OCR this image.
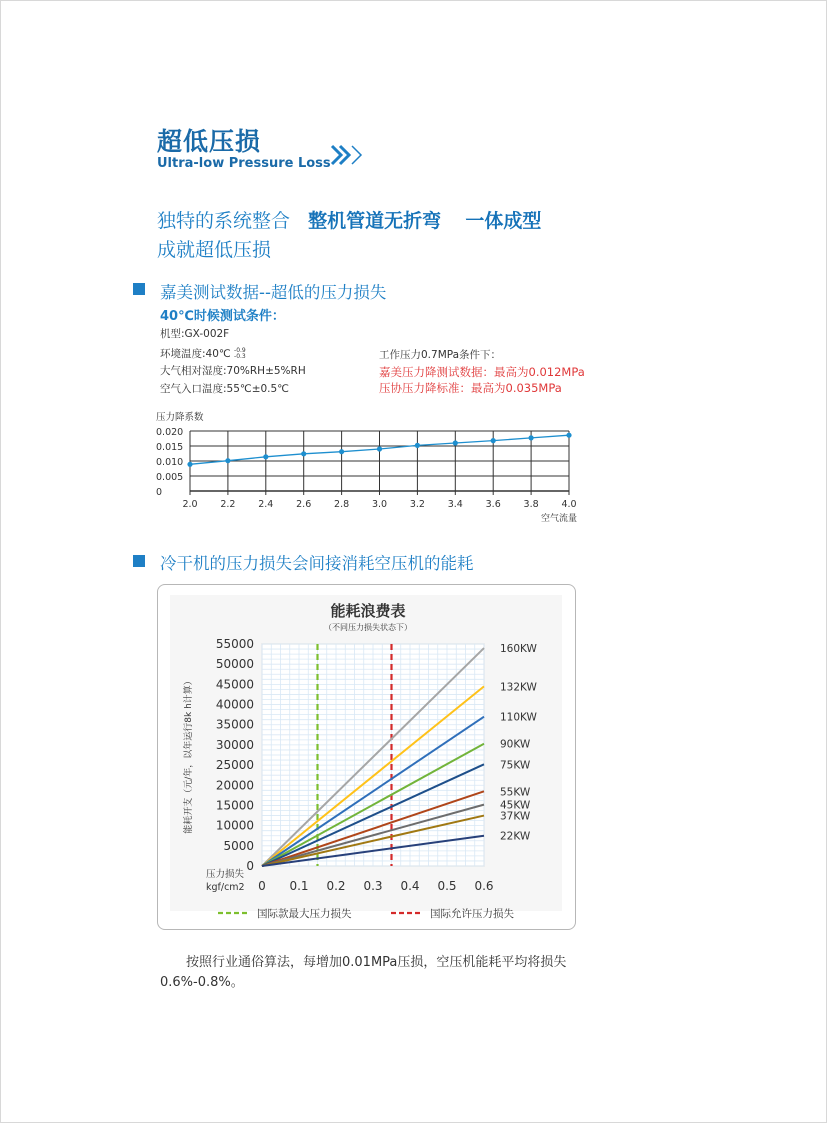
超低压损
Ultra-low Pressure Loss
独特的系统整合 整机管道无折弯 一体成型
成就超低压损
嘉美测试数据--超低的压力损失
40℃时候测试条件：
机型:GX-002F
环境温度:40℃ -0.9
-0.3
大气相对湿度:70%RH±5%RH
空气入口温度:55℃±0.5℃
工作压力0.7MPa条件下：
嘉美压力降测试数据：最高为0.012MPa
压协压力降标准：最高为0.035MPa
0.020
0.015
0.010
0.005
0
2.0 2.2 2.4 2.6 2.8 3.0 3.2 3.4 3.6 3.8 4.0
压力降系数
空气流量
冷干机的压力损失会间接消耗空压机的能耗
0
5000
10000
15000
20000
25000
30000
35000
40000
45000
50000
55000
0 0.1 0.2 0.3 0.4 0.5 0.6
160KW
132KW
110KW
90KW
75KW
55KW
45KW
37KW
22KW
能耗浪费表
（不同压力损失状态下）
能耗开支（元/年，以年运行8k h计算）
压力损失
kgf/cm2
国际款最大压力损失	国际允许压力损失
按照行业通俗算法，每增加0.01MPa压损，空压机能耗平均将损失0.6%-0.8%。
